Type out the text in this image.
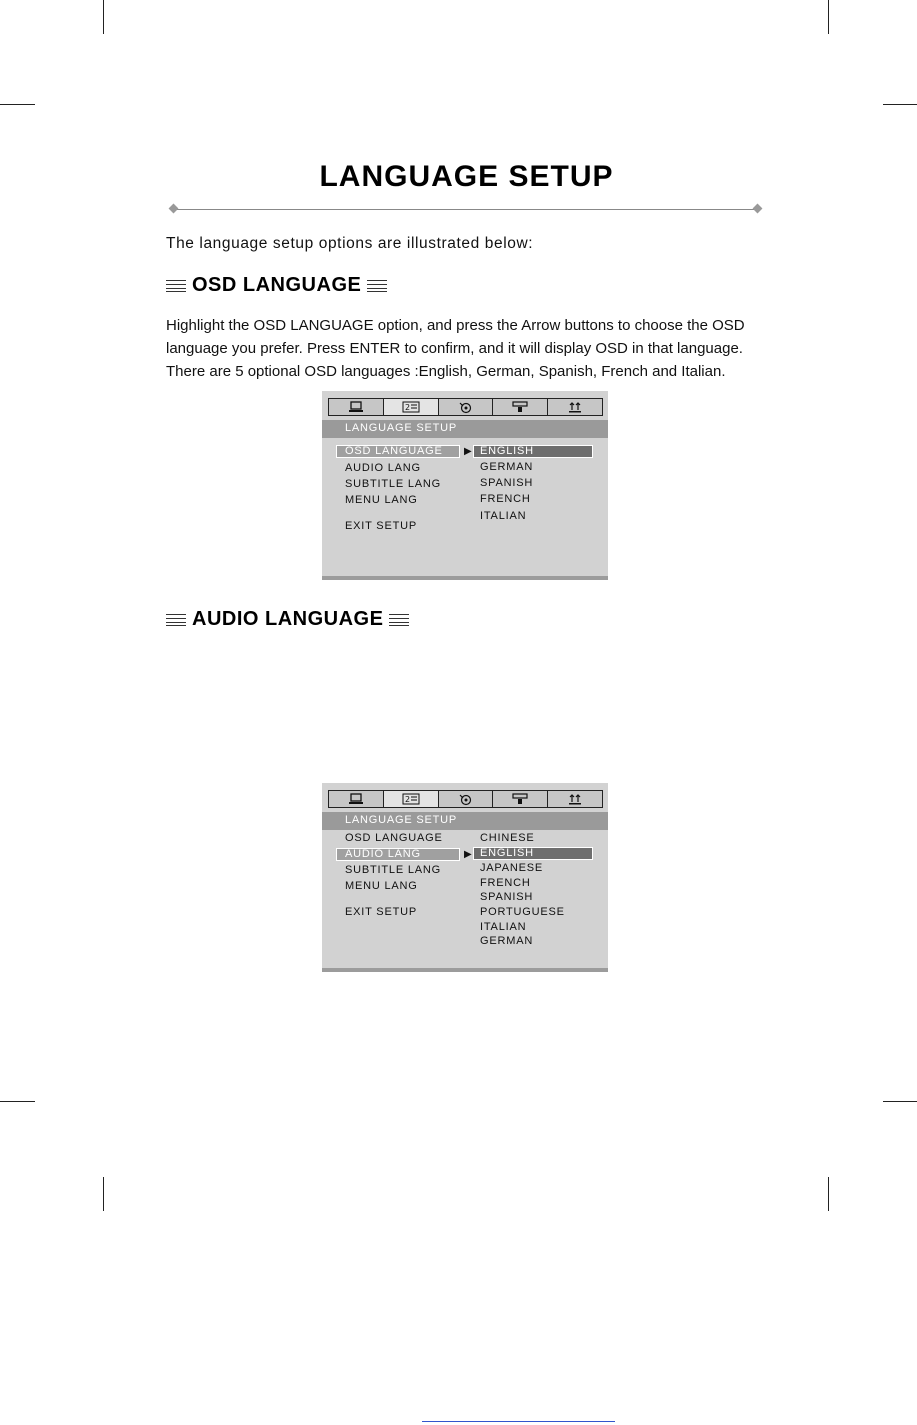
LANGUAGE SETUP
The language setup options are illustrated below:
OSD LANGUAGE
Highlight the OSD LANGUAGE option, and press the Arrow buttons to choose the OSD
language you prefer. Press ENTER to confirm, and it will display OSD in that language.
There are 5 optional OSD languages :English, German, Spanish, French and Italian.
2
LANGUAGE SETUP
OSD LANGUAGE
AUDIO LANG
SUBTITLE LANG
MENU LANG
EXIT SETUP
▶ ENGLISH
GERMAN
SPANISH
FRENCH
ITALIAN
AUDIO LANGUAGE
2
LANGUAGE SETUP
OSD LANGUAGE
AUDIO LANG
SUBTITLE LANG
MENU LANG
EXIT SETUP
▶
CHINESE
ENGLISH
JAPANESE
FRENCH
SPANISH
PORTUGUESE
ITALIAN
GERMAN
